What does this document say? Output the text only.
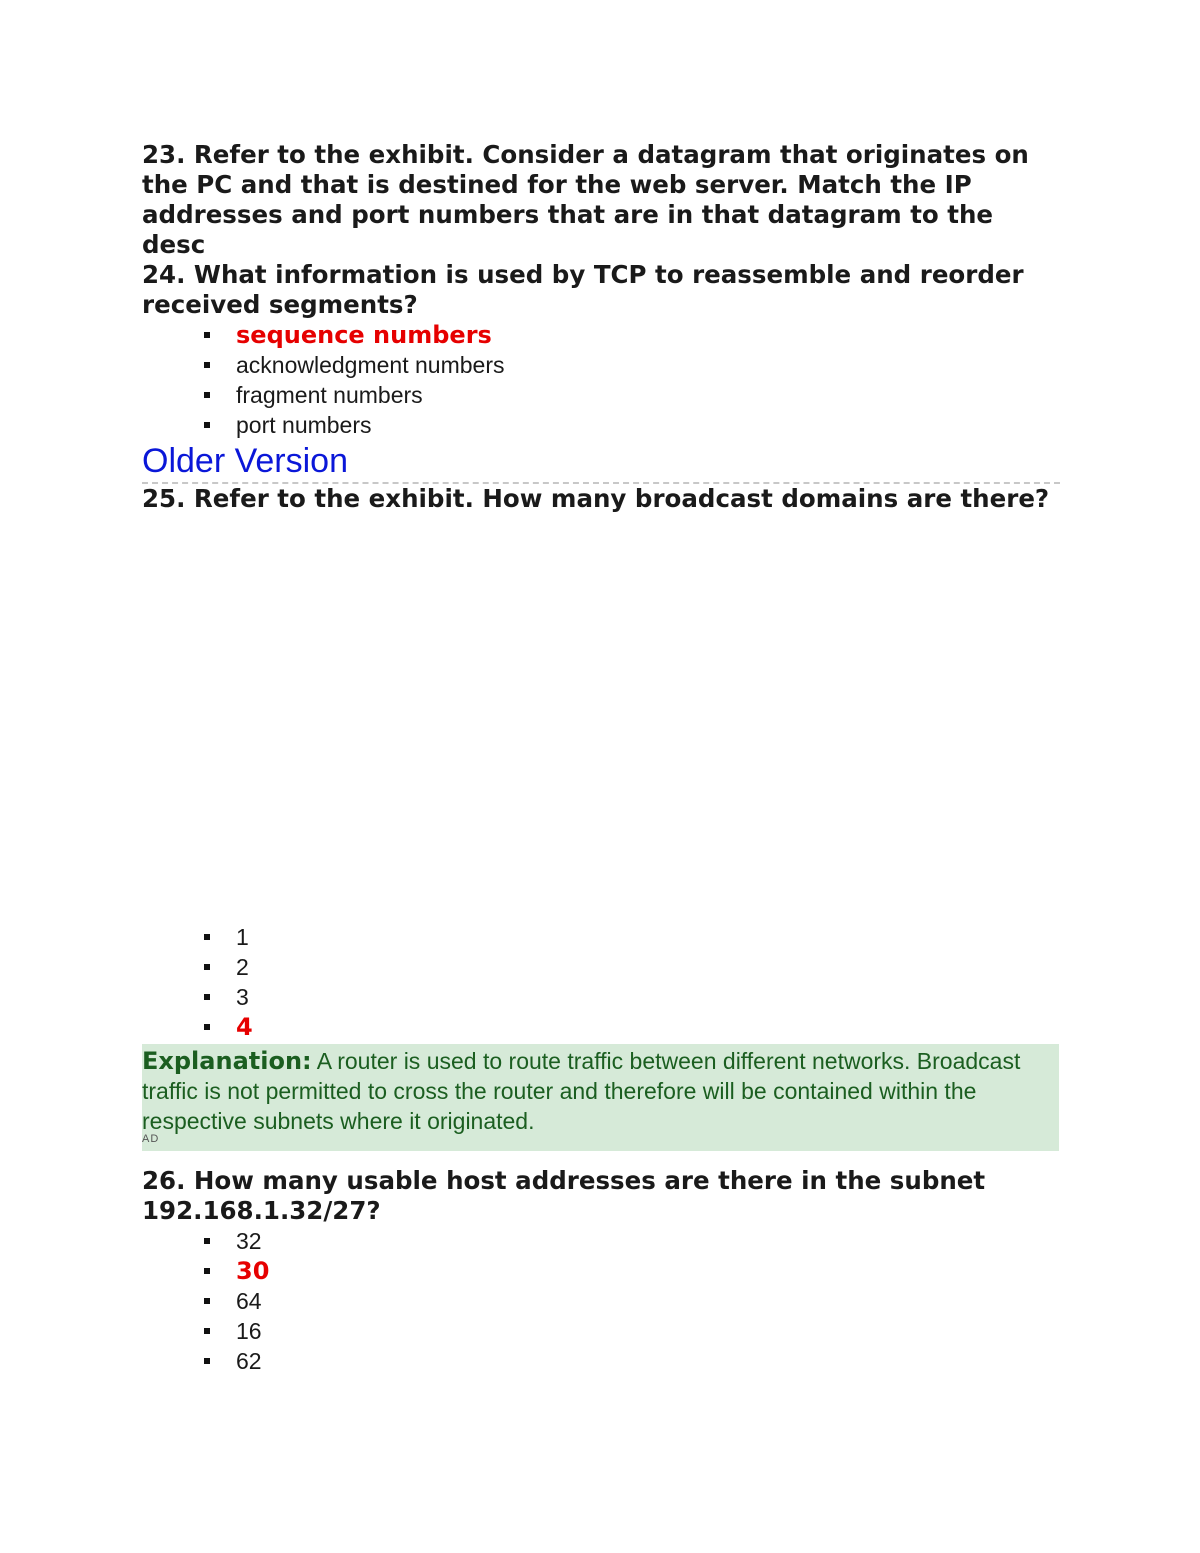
23. Refer to the exhibit. Consider a datagram that originates on the PC and that is destined for the web server. Match the IP addresses and port numbers that are in that datagram to the desc

24. What information is used by TCP to reassemble and reorder received segments?

sequence numbers
acknowledgment numbers
fragment numbers
port numbers
Older Version

25. Refer to the exhibit. How many broadcast domains are there?

1
2
3
4
Explanation: A router is used to route traffic between different networks. Broadcast traffic is not permitted to cross the router and therefore will be contained within the respective subnets where it originated.
AD

26. How many usable host addresses are there in the subnet 192.168.1.32/27?

32
30
64
16
62
